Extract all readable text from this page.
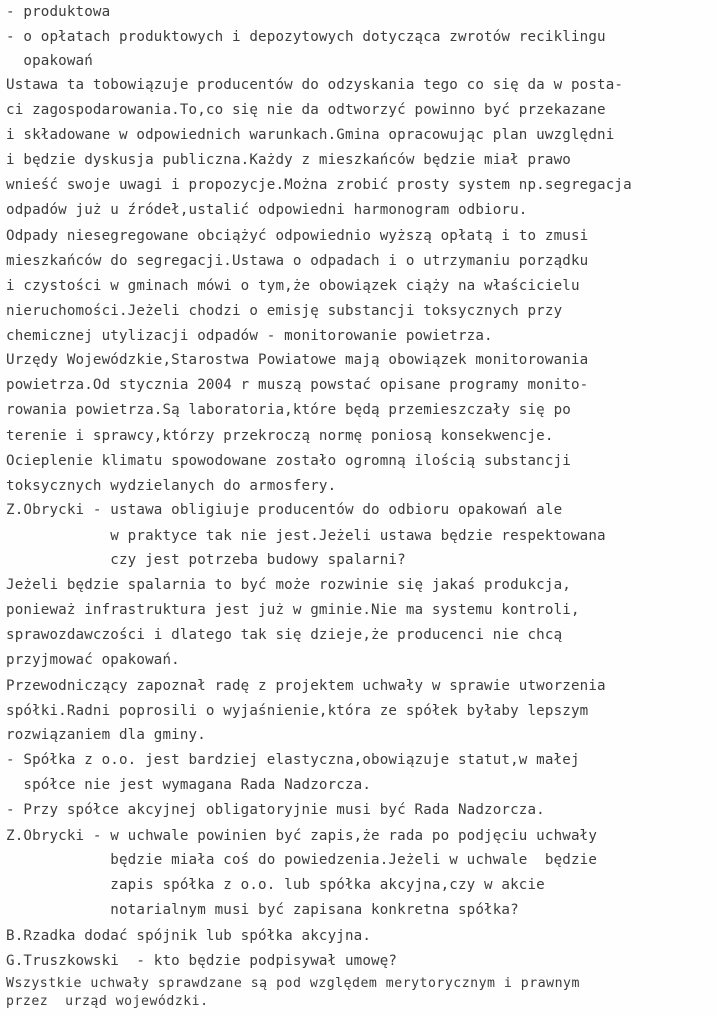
- produktowa
- o opłatach produktowych i depozytowych dotycząca zwrotów reciklingu
opakowań
Ustawa ta tobowiązuje producentów do odzyskania tego co się da w posta-
ci zagospodarowania.To,co się nie da odtworzyć powinno być przekazane
i składowane w odpowiednich warunkach.Gmina opracowując plan uwzględni
i będzie dyskusja publiczna.Każdy z mieszkańców będzie miał prawo
wnieść swoje uwagi i propozycje.Można zrobić prosty system np.segregacja
odpadów już u źródeł,ustalić odpowiedni harmonogram odbioru.
Odpady niesegregowane obciążyć odpowiednio wyższą opłatą i to zmusi
mieszkańców do segregacji.Ustawa o odpadach i o utrzymaniu porządku
i czystości w gminach mówi o tym,że obowiązek ciąży na właścicielu
nieruchomości.Jeżeli chodzi o emisję substancji toksycznych przy
chemicznej utylizacji odpadów - monitorowanie powietrza.
Urzędy Wojewódzkie,Starostwa Powiatowe mają obowiązek monitorowania
powietrza.Od stycznia 2004 r muszą powstać opisane programy monito-
rowania powietrza.Są laboratoria,które będą przemieszczały się po
terenie i sprawcy,którzy przekroczą normę poniosą konsekwencje.
Ocieplenie klimatu spowodowane zostało ogromną ilością substancji
toksycznych wydzielanych do armosfery.
Z.Obrycki - ustawa obligiuje producentów do odbioru opakowań ale
w praktyce tak nie jest.Jeżeli ustawa będzie respektowana
czy jest potrzeba budowy spalarni?
Jeżeli będzie spalarnia to być może rozwinie się jakaś produkcja,
ponieważ infrastruktura jest już w gminie.Nie ma systemu kontroli,
sprawozdawczości i dlatego tak się dzieje,że producenci nie chcą
przyjmować opakowań.
Przewodniczący zapoznał radę z projektem uchwały w sprawie utworzenia
spółki.Radni poprosili o wyjaśnienie,która ze spółek byłaby lepszym
rozwiązaniem dla gminy.
- Spółka z o.o. jest bardziej elastyczna,obowiązuje statut,w małej
spółce nie jest wymagana Rada Nadzorcza.
- Przy spółce akcyjnej obligatoryjnie musi być Rada Nadzorcza.
Z.Obrycki - w uchwale powinien być zapis,że rada po podjęciu uchwały
będzie miała coś do powiedzenia.Jeżeli w uchwale  będzie
zapis spółka z o.o. lub spółka akcyjna,czy w akcie
notarialnym musi być zapisana konkretna spółka?
B.Rzadka dodać spójnik lub spółka akcyjna.
G.Truszkowski  - kto będzie podpisywał umowę?
Wszystkie uchwały sprawdzane są pod względem merytorycznym i prawnym
przez  urząd wojewódzki.
